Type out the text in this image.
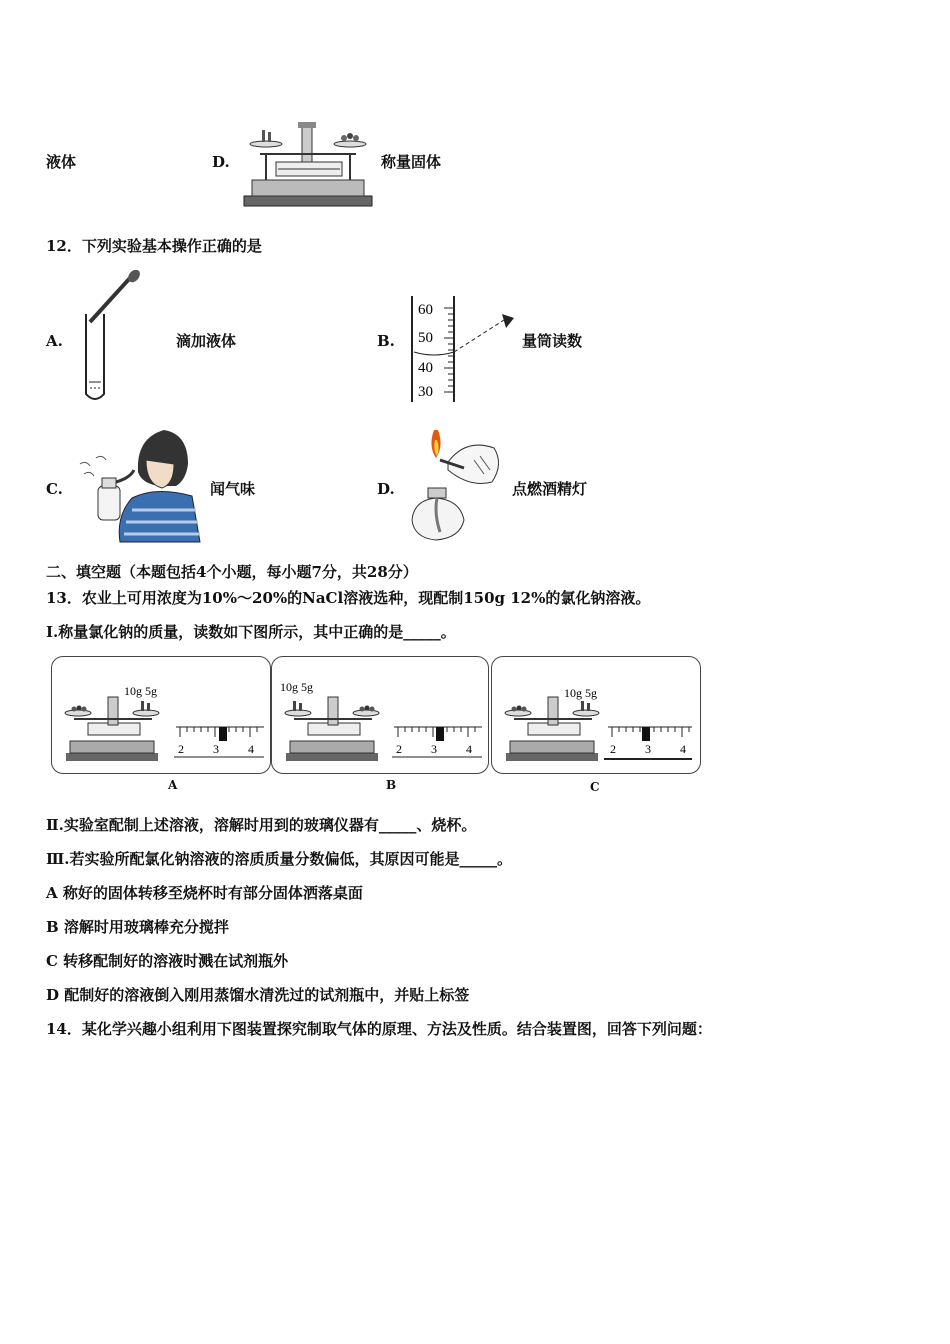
液体	D.	称量固体
12．下列实验基本操作正确的是
A.	滴加液体	B.
60
50
40
30
量筒读数
C.	闻气味	D.	点燃酒精灯
二、填空题（本题包括4个小题，每小题7分，共28分）
13．农业上可用浓度为10%～20%的NaCl溶液选种，现配制150g 12%的氯化钠溶液。
Ⅰ.称量氯化钠的质量，读数如下图所示，其中正确的是_____。
10g 5g
2 3 4
A
10g 5g
2 3 4
B
10g 5g
2 3 4
C
Ⅱ.实验室配制上述溶液，溶解时用到的玻璃仪器有_____、烧杯。
Ⅲ.若实验所配氯化钠溶液的溶质质量分数偏低，其原因可能是_____。
A 称好的固体转移至烧杯时有部分固体洒落桌面
B 溶解时用玻璃棒充分搅拌
C 转移配制好的溶液时溅在试剂瓶外
D 配制好的溶液倒入刚用蒸馏水清洗过的试剂瓶中，并贴上标签
14．某化学兴趣小组利用下图装置探究制取气体的原理、方法及性质。结合装置图，回答下列问题：
